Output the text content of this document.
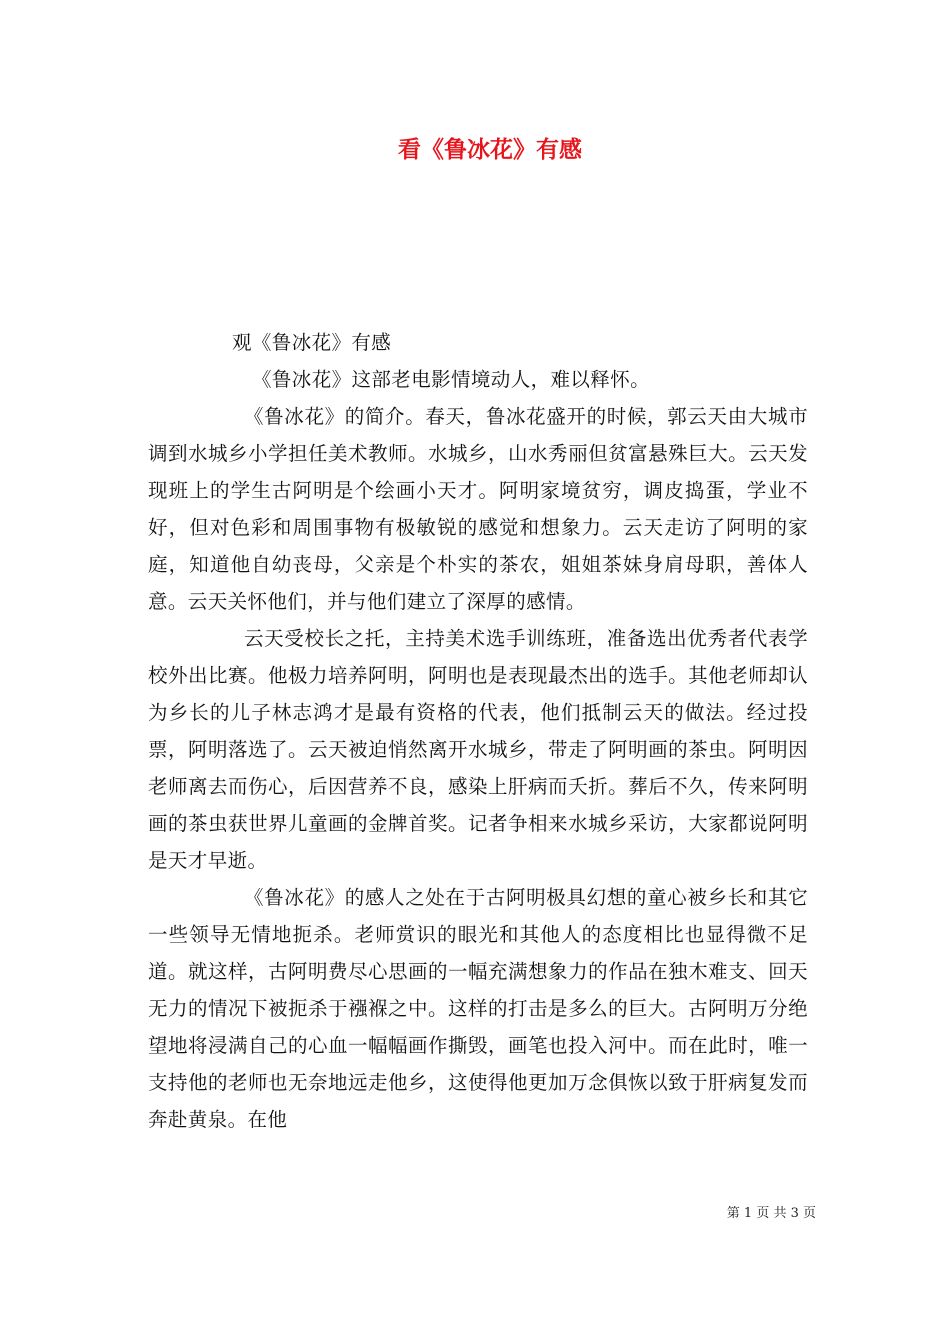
看《鲁冰花》有感

观《鲁冰花》有感

《鲁冰花》这部老电影情境动人，难以释怀。

《鲁冰花》的简介。春天，鲁冰花盛开的时候，郭云天由大城市调到水城乡小学担任美术教师。水城乡，山水秀丽但贫富悬殊巨大。云天发现班上的学生古阿明是个绘画小天才。阿明家境贫穷，调皮捣蛋，学业不好，但对色彩和周围事物有极敏锐的感觉和想象力。云天走访了阿明的家庭，知道他自幼丧母，父亲是个朴实的茶农，姐姐茶妹身肩母职，善体人意。云天关怀他们，并与他们建立了深厚的感情。

云天受校长之托，主持美术选手训练班，准备选出优秀者代表学校外出比赛。他极力培养阿明，阿明也是表现最杰出的选手。其他老师却认为乡长的儿子林志鸿才是最有资格的代表，他们抵制云天的做法。经过投票，阿明落选了。云天被迫悄然离开水城乡，带走了阿明画的茶虫。阿明因老师离去而伤心，后因营养不良，感染上肝病而夭折。葬后不久，传来阿明画的茶虫获世界儿童画的金牌首奖。记者争相来水城乡采访，大家都说阿明是天才早逝。

《鲁冰花》的感人之处在于古阿明极具幻想的童心被乡长和其它一些领导无情地扼杀。老师赏识的眼光和其他人的态度相比也显得微不足道。就这样，古阿明费尽心思画的一幅充满想象力的作品在独木难支、回天无力的情况下被扼杀于襁褓之中。这样的打击是多么的巨大。古阿明万分绝望地将浸满自己的心血一幅幅画作撕毁，画笔也投入河中。而在此时，唯一支持他的老师也无奈地远走他乡，这使得他更加万念俱恢以致于肝病复发而奔赴黄泉。在他

第 1 页 共 3 页
